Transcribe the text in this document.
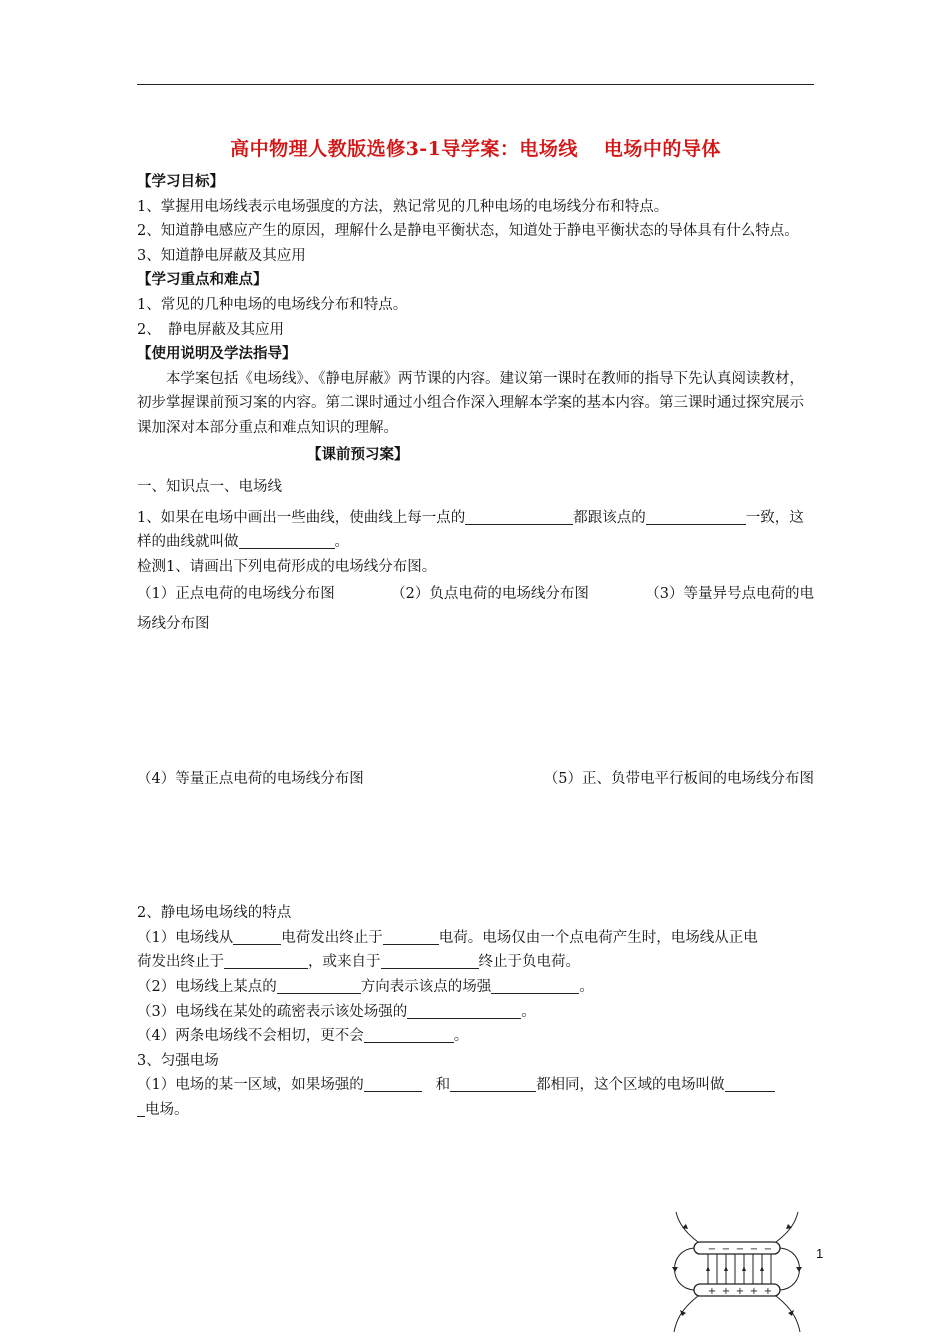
高中物理人教版选修3-1导学案：电场线 电场中的导体
【学习目标】

1、掌握用电场线表示电场强度的方法，熟记常见的几种电场的电场线分布和特点。

2、知道静电感应产生的原因，理解什么是静电平衡状态，知道处于静电平衡状态的导体具有什么特点。

3、知道静电屏蔽及其应用

【学习重点和难点】

1、常见的几种电场的电场线分布和特点。

2、　静电屏蔽及其应用

【使用说明及学法指导】

本学案包括《电场线》、《静电屏蔽》两节课的内容。建议第一课时在教师的指导下先认真阅读教材，初步掌握课前预习案的内容。第二课时通过小组合作深入理解本学案的基本内容。第三课时通过探究展示课加深对本部分重点和难点知识的理解。

【课前预习案】

一、知识点一、电场线

1、如果在电场中画出一些曲线，使曲线上每一点的	都跟该点的	一致，这样的曲线就叫做	。

检测1、请画出下列电荷形成的电场线分布图。

（1）正点电荷的电场线分布图	（2）负点电荷的电场线分布图	（3）等量异号点电荷的电

场线分布图

（4）等量正点电荷的电场线分布图	（5）正、负带电平行板间的电场线分布图

2、静电场电场线的特点

（1）电场线从	电荷发出终止于	电荷。电场仅由一个点电荷产生时，电场线从正电

荷发出终止于	，或来自于	终止于负电荷。

（2）电场线上某点的	方向表示该点的场强	。

（3）电场线在某处的疏密表示该处场强的	。

（4）两条电场线不会相切，更不会	。

3、匀强电场

（1）电场的某一区域，如果场强的	和	都相同，这个区域的电场叫做

电场。

− − − − −
+ + + + +
1
